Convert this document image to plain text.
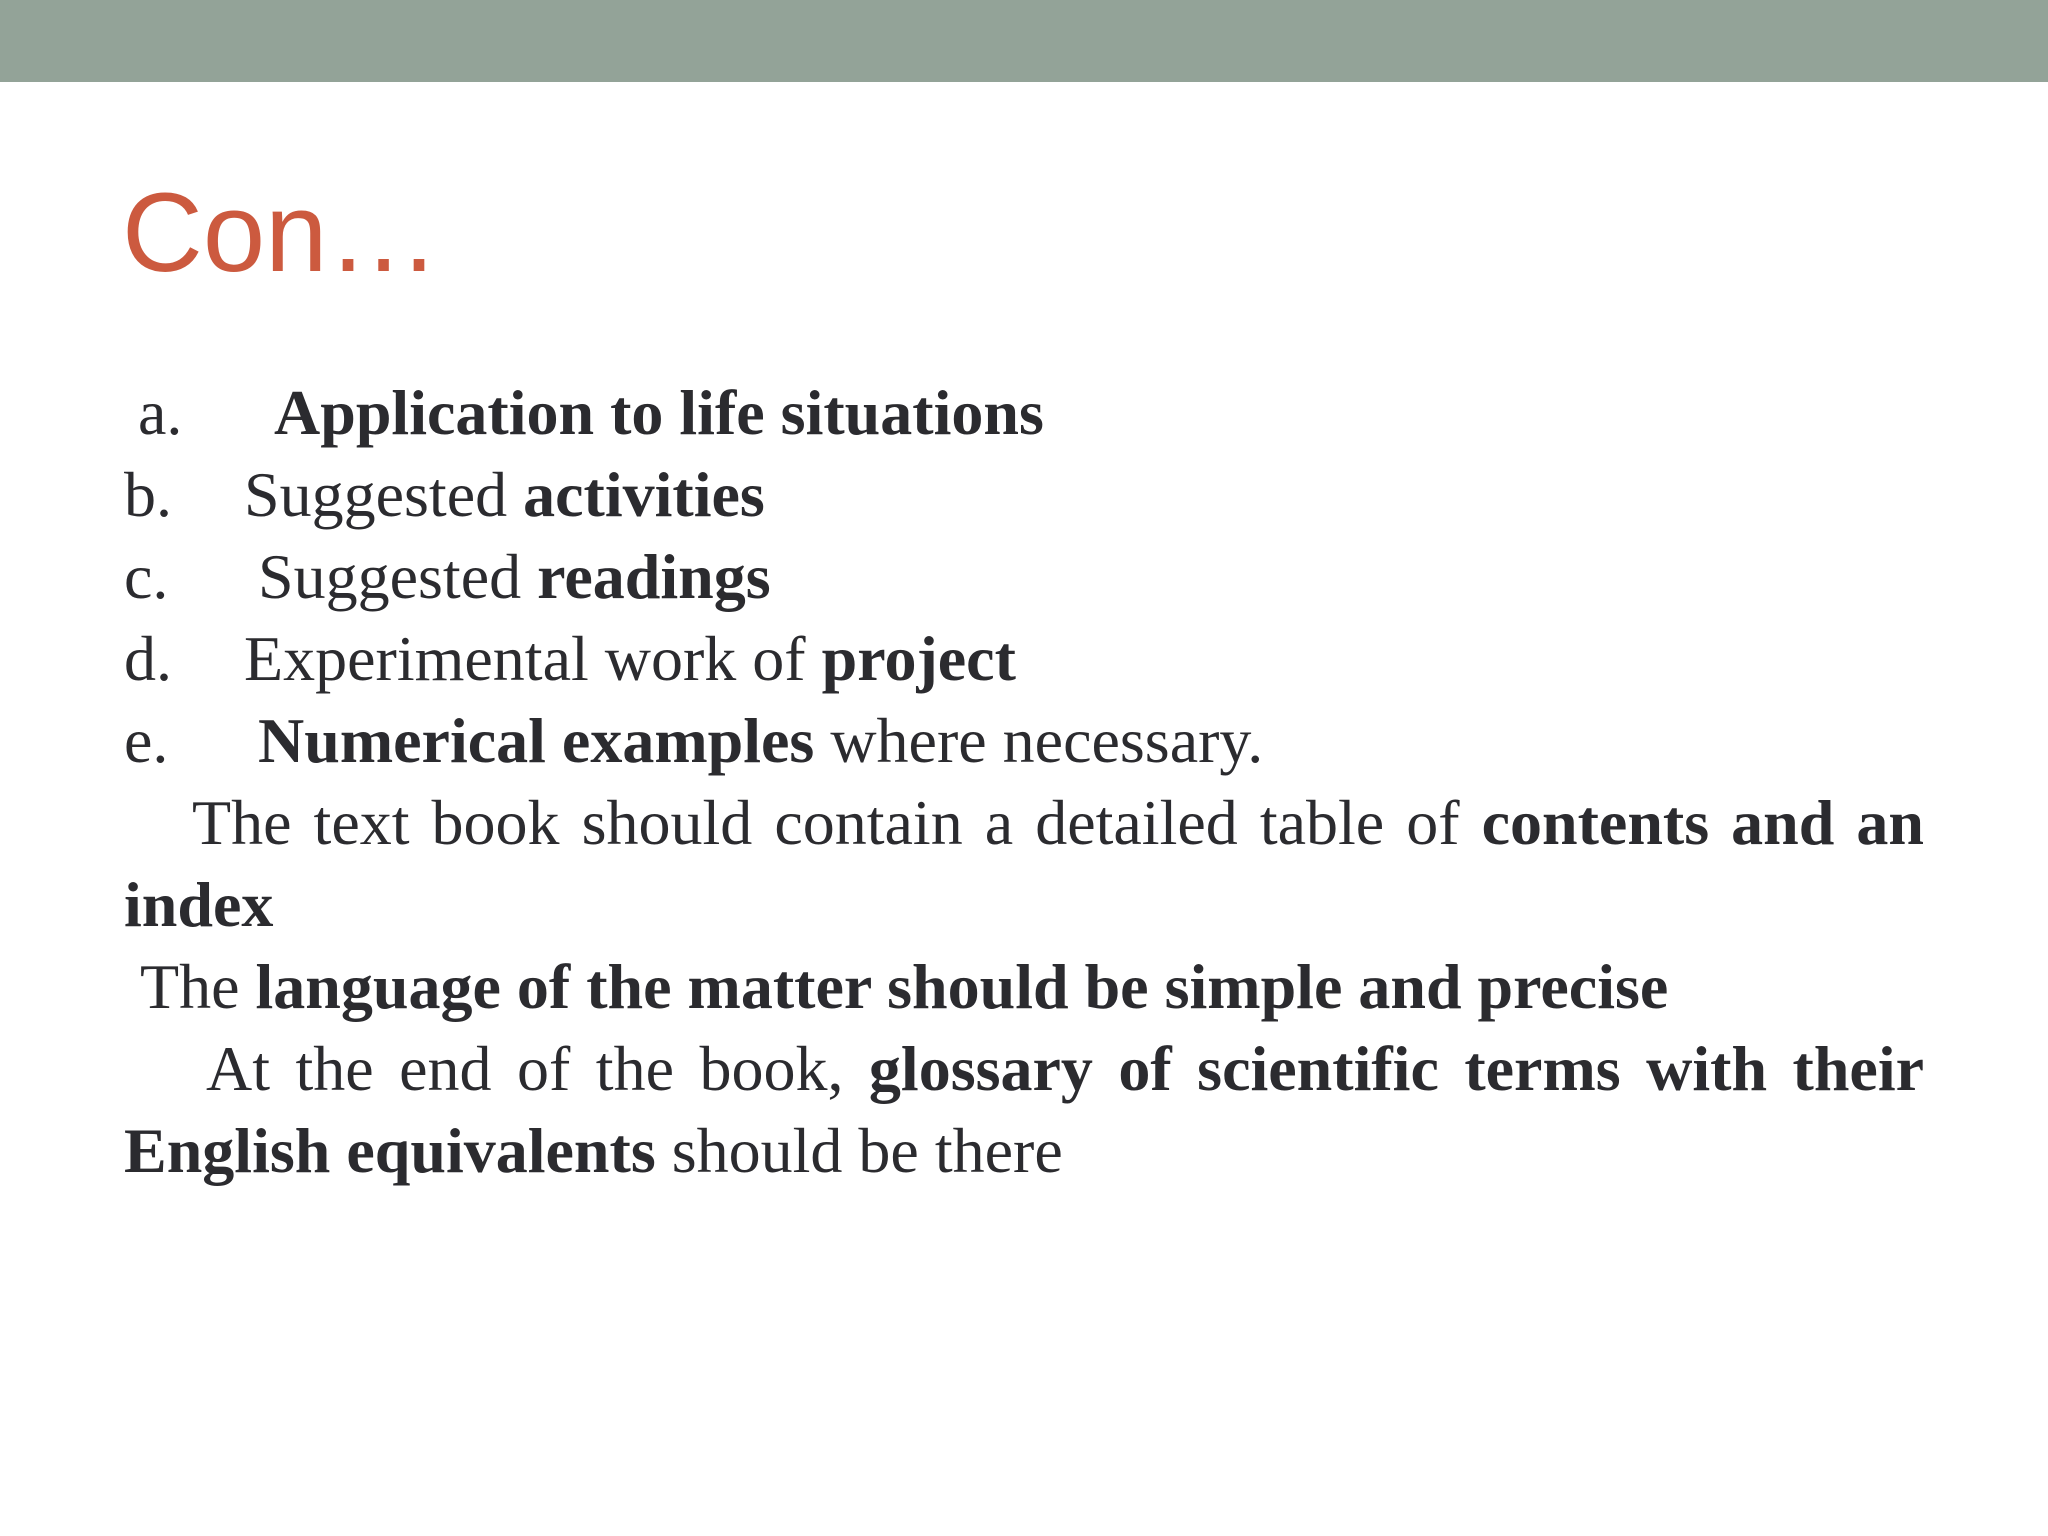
Con…
a. Application to life situations
b. Suggested activities
c. Suggested readings
d. Experimental work of project
e. Numerical examples where necessary.
The text book should contain a detailed table of contents and an index
The language of the matter should be simple and precise
At the end of the book, glossary of scientific terms with their English equivalents should be there
